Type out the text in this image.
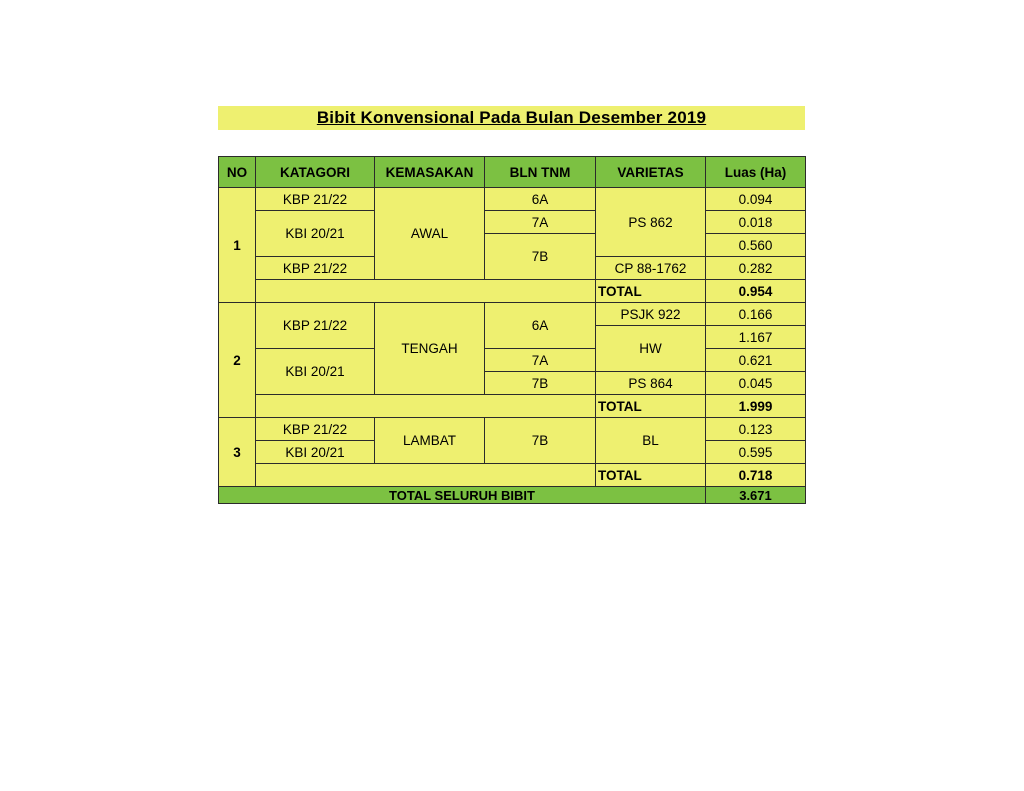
Bibit Konvensional Pada Bulan Desember 2019
NO	KATAGORI	KEMASAKAN	BLN TNM	VARIETAS	Luas (Ha)
1	KBP 21/22	AWAL	6A	PS 862	0.094
	KBI 20/21		7A		0.018
			7B		0.560
	KBP 21/22			CP 88-1762	0.282
				TOTAL	0.954
2	KBP 21/22	TENGAH	6A	PSJK 922	0.166
				HW	1.167
	KBI 20/21		7A		0.621
			7B	PS 864	0.045
				TOTAL	1.999
3	KBP 21/22	LAMBAT	7B	BL	0.123
	KBI 20/21				0.595
				TOTAL	0.718
TOTAL SELURUH BIBIT					3.671
